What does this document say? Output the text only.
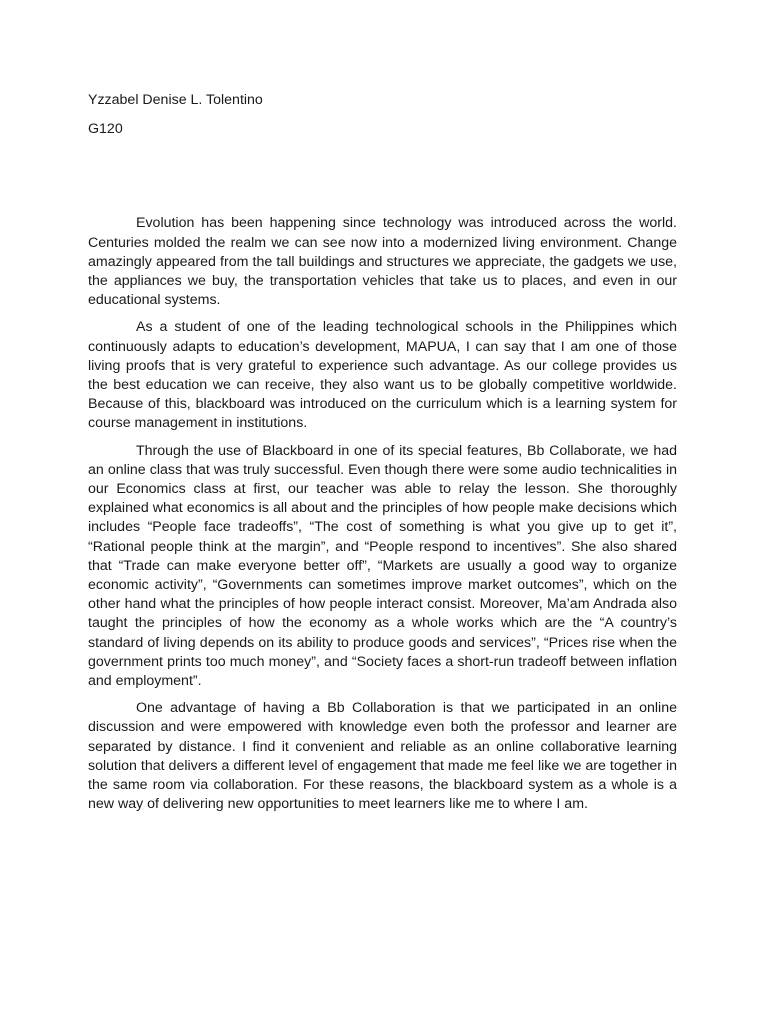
Yzzabel Denise L. Tolentino

G120

Evolution has been happening since technology was introduced across the world. Centuries molded the realm we can see now into a modernized living environment. Change amazingly appeared from the tall buildings and structures we appreciate, the gadgets we use, the appliances we buy, the transportation vehicles that take us to places, and even in our educational systems.

As a student of one of the leading technological schools in the Philippines which continuously adapts to education’s development, MAPUA, I can say that I am one of those living proofs that is very grateful to experience such advantage. As our college provides us the best education we can receive, they also want us to be globally competitive worldwide. Because of this, blackboard was introduced on the curriculum which is a learning system for course management in institutions.

Through the use of Blackboard in one of its special features, Bb Collaborate, we had an online class that was truly successful. Even though there were some audio technicalities in our Economics class at first, our teacher was able to relay the lesson. She thoroughly explained what economics is all about and the principles of how people make decisions which includes “People face tradeoffs”, “The cost of something is what you give up to get it”, “Rational people think at the margin”, and “People respond to incentives”. She also shared that “Trade can make everyone better off”, “Markets are usually a good way to organize economic activity”, “Governments can sometimes improve market outcomes”, which on the other hand what the principles of how people interact consist. Moreover, Ma’am Andrada also taught the principles of how the economy as a whole works which are the “A country’s standard of living depends on its ability to produce goods and services”, “Prices rise when the government prints too much money”, and “Society faces a short-run tradeoff between inflation and employment”.

One advantage of having a Bb Collaboration is that we participated in an online discussion and were empowered with knowledge even both the professor and learner are separated by distance. I find it convenient and reliable as an online collaborative learning solution that delivers a different level of engagement that made me feel like we are together in the same room via collaboration. For these reasons, the blackboard system as a whole is a new way of delivering new opportunities to meet learners like me to where I am.
